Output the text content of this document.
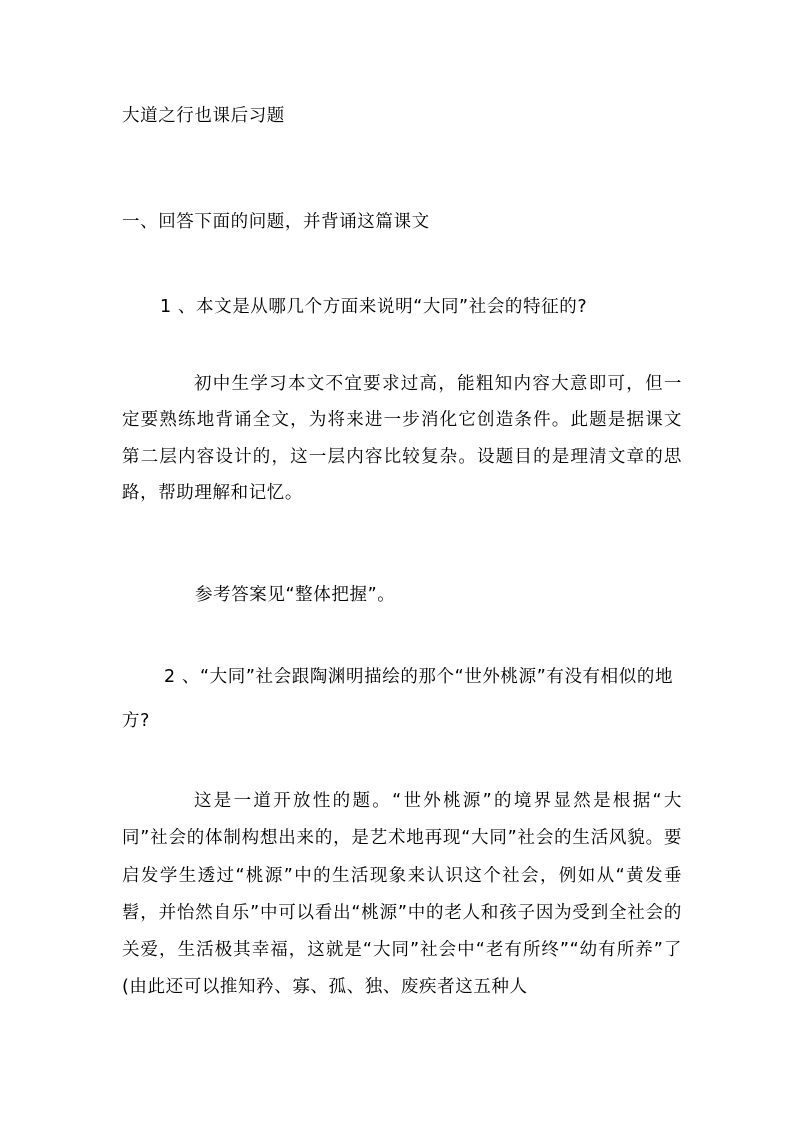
大道之行也课后习题
一、回答下面的问题，并背诵这篇课文
1 、本文是从哪几个方面来说明“大同”社会的特征的?
初中生学习本文不宜要求过高，能粗知内容大意即可，但一定要熟练地背诵全文，为将来进一步消化它创造条件。此题是据课文第二层内容设计的，这一层内容比较复杂。设题目的是理清文章的思路，帮助理解和记忆。
参考答案见“整体把握”。
2 、“大同”社会跟陶渊明描绘的那个“世外桃源”有没有相似的地方?
这是一道开放性的题。“世外桃源”的境界显然是根据“大同”社会的体制构想出来的，是艺术地再现“大同”社会的生活风貌。要启发学生透过“桃源”中的生活现象来认识这个社会，例如从“黄发垂髫，并怡然自乐”中可以看出“桃源”中的老人和孩子因为受到全社会的关爱，生活极其幸福，这就是“大同”社会中“老有所终”“幼有所养”了(由此还可以推知矜、寡、孤、独、废疾者这五种人
